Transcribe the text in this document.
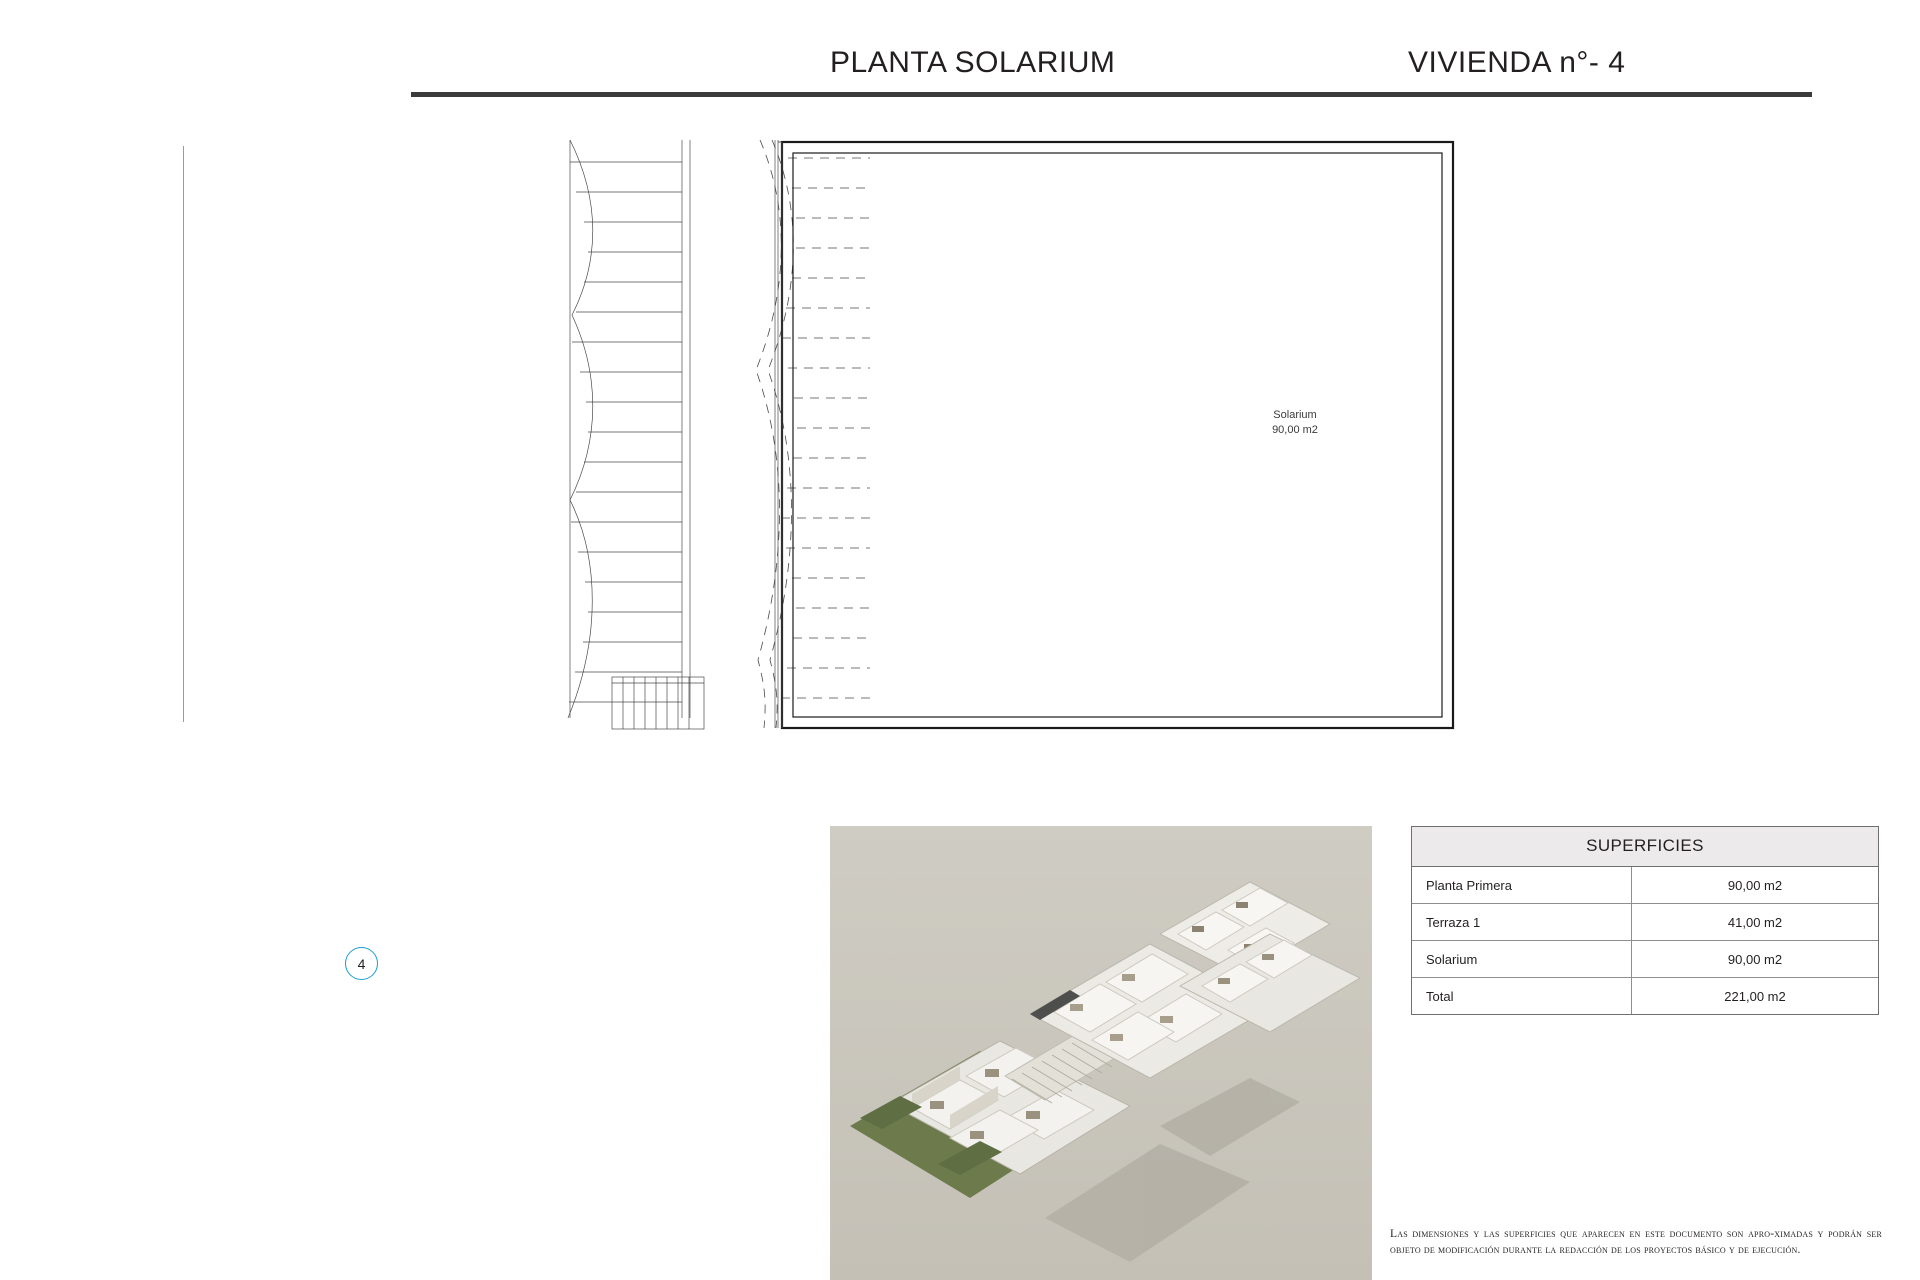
PLANTA SOLARIUM	VIVIENDA n°- 4
Solarium
90,00 m2
4
SUPERFICIES
Planta Primera	90,00 m2
Terraza 1	41,00 m2
Solarium	90,00 m2
Total	221,00 m2
Las dimensiones y las superficies que aparecen en este documento son apro-ximadas y podrán ser objeto de modificación durante la redacción de los proyectos básico y de ejecución.
